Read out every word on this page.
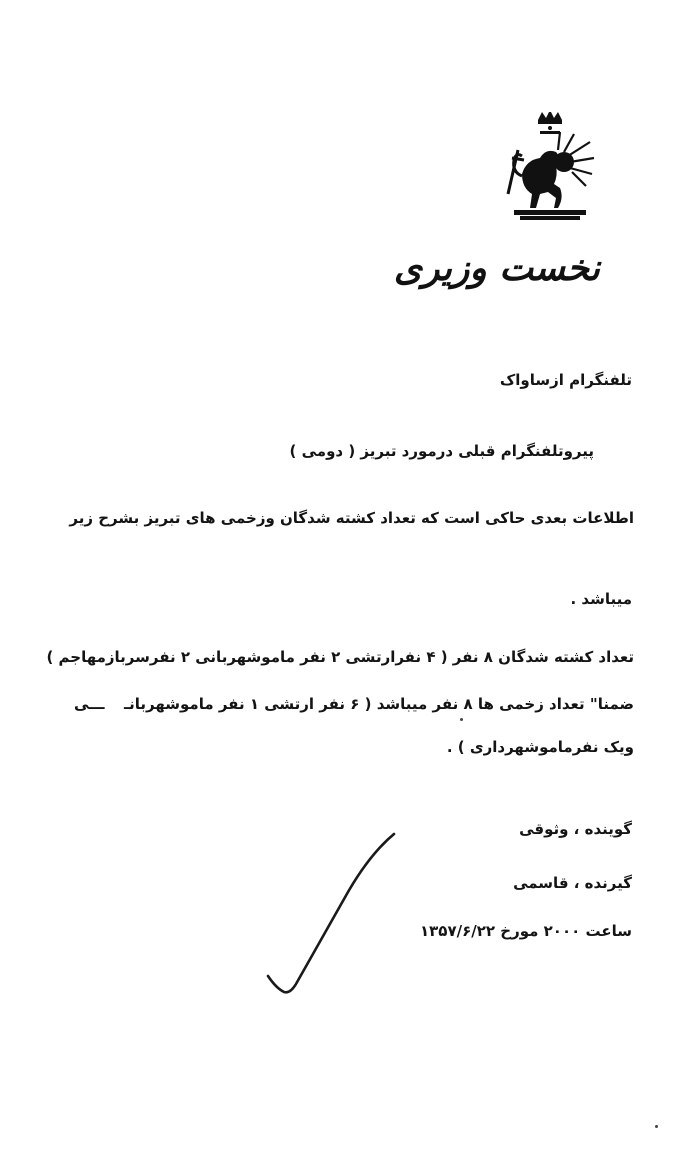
نخست وزیری
تلفنگرام ازساواک
پیروتلفنگرام قبلی درمورد تبریز ( دومی )
اطلاعات بعدی حاکی است که تعداد کشته شدگان وزخمی های تبریز بشرح زیر
میباشد .
تعداد کشته شدگان ۸ نفر ( ۴ نفرارتشی ۲ نفر ماموشهربانی ۲ نفرسربازمهاجم )
ضمنا" تعداد زخمی ها ۸ نفر میباشد ( ۶ نفر ارتشی ۱ نفر ماموشهربانـ
ـــی
ویک نفرماموشهرداری ) .
گوینده ، وثوقی
گیرنده ، قاسمی
ساعت ۲۰۰۰ مورخ ۱۳۵۷/۶/۲۲
